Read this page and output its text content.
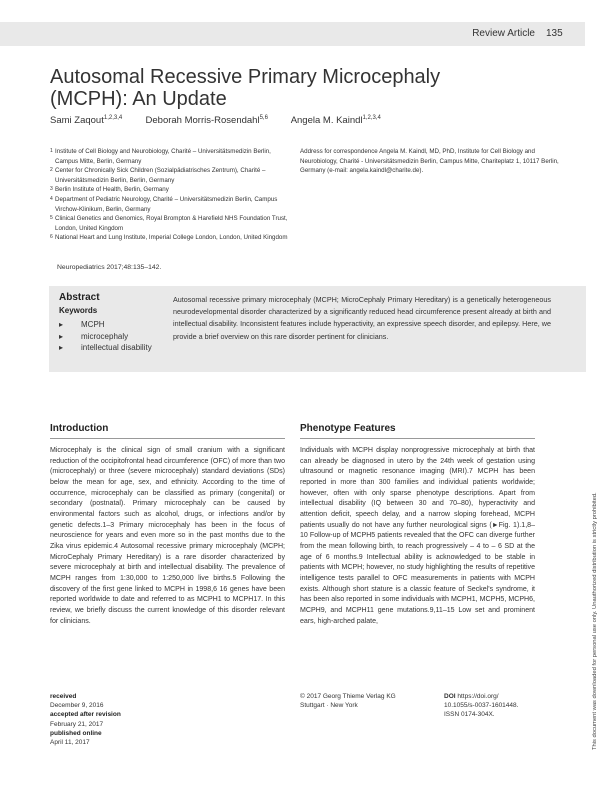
Review Article 135
Autosomal Recessive Primary Microcephaly (MCPH): An Update
Sami Zaqout$^{1,2,3,4}$ Deborah Morris-Rosendahl$^{5,6}$ Angela M. Kaindl$^{1,2,3,4}$
1 Institute of Cell Biology and Neurobiology, Charité – Universitätsmedizin Berlin, Campus Mitte, Berlin, Germany
2 Center for Chronically Sick Children (Sozialpädiatrisches Zentrum), Charité – Universitätsmedizin Berlin, Berlin, Germany
3 Berlin Institute of Health, Berlin, Germany
4 Department of Pediatric Neurology, Charité – Universitätsmedizin Berlin, Campus Virchow-Klinikum, Berlin, Germany
5 Clinical Genetics and Genomics, Royal Brompton & Harefield NHS Foundation Trust, London, United Kingdom
6 National Heart and Lung Institute, Imperial College London, London, United Kingdom
Address for correspondence Angela M. Kaindl, MD, PhD, Institute for Cell Biology and Neurobiology, Charité - Universitätsmedizin Berlin, Campus Mitte, Chariteplatz 1, 10117 Berlin, Germany (e-mail: angela.kaindl@charite.de).
Neuropediatrics 2017;48:135–142.
Abstract
Keywords
▸ MCPH
▸ microcephaly
▸ intellectual disability
Autosomal recessive primary microcephaly (MCPH; MicroCephaly Primary Hereditary) is a genetically heterogeneous neurodevelopmental disorder characterized by a significantly reduced head circumference present already at birth and intellectual disability. Inconsistent features include hyperactivity, an expressive speech disorder, and epilepsy. Here, we provide a brief overview on this rare disorder pertinent for clinicians.
Introduction
Microcephaly is the clinical sign of small cranium with a significant reduction of the occipitofrontal head circumference (OFC) of more than two (microcephaly) or three (severe microcephaly) standard deviations (SDs) below the mean for age, sex, and ethnicity. According to the time of occurrence, microcephaly can be classified as primary (congenital) or secondary (postnatal). Primary microcephaly can be caused by environmental factors such as alcohol, drugs, or infections and/or by genetic defects.1–3 Primary microcephaly has been in the focus of neuroscience for years and even more so in the past months due to the Zika virus epidemic.4 Autosomal recessive primary microcephaly (MCPH; MicroCephaly Primary Hereditary) is a rare disorder characterized by severe microcephaly at birth and intellectual disability. The prevalence of MCPH ranges from 1:30,000 to 1:250,000 live births.5 Following the discovery of the first gene linked to MCPH in 1998,6 16 genes have been reported worldwide to date and referred to as MCPH1 to MCPH17. In this review, we briefly discuss the current knowledge of this disorder relevant for clinicians.
Phenotype Features
Individuals with MCPH display nonprogressive microcephaly at birth that can already be diagnosed in utero by the 24th week of gestation using ultrasound or magnetic resonance imaging (MRI).7 MCPH has been reported in more than 300 families and individual patients worldwide; however, often with only sparse phenotype descriptions. Apart from intellectual disability (IQ between 30 and 70–80), hyperactivity and attention deficit, speech delay, and a narrow sloping forehead, MCPH patients usually do not have any further neurological signs (►Fig. 1).1,8–10 Follow-up of MCPH5 patients revealed that the OFC can diverge further from the mean following birth, to reach progressively – 4 to – 6 SD at the age of 6 months.9 Intellectual ability is acknowledged to be stable in patients with MCPH; however, no study highlighting the results of repetitive intelligence tests parallel to OFC measurements in patients with MCPH exists. Although short stature is a classic feature of Seckel's syndrome, it has been also reported in some individuals with MCPH1, MCPH5, MCPH6, MCPH9, and MCPH11 gene mutations.9,11–15 Low set and prominent ears, high-arched palate,
received
December 9, 2016
accepted after revision
February 21, 2017
published online
April 11, 2017
© 2017 Georg Thieme Verlag KG
Stuttgart · New York
DOI https://doi.org/
10.1055/s-0037-1601448.
ISSN 0174-304X.	This document was downloaded for personal use only. Unauthorized distribution is strictly prohibited.
